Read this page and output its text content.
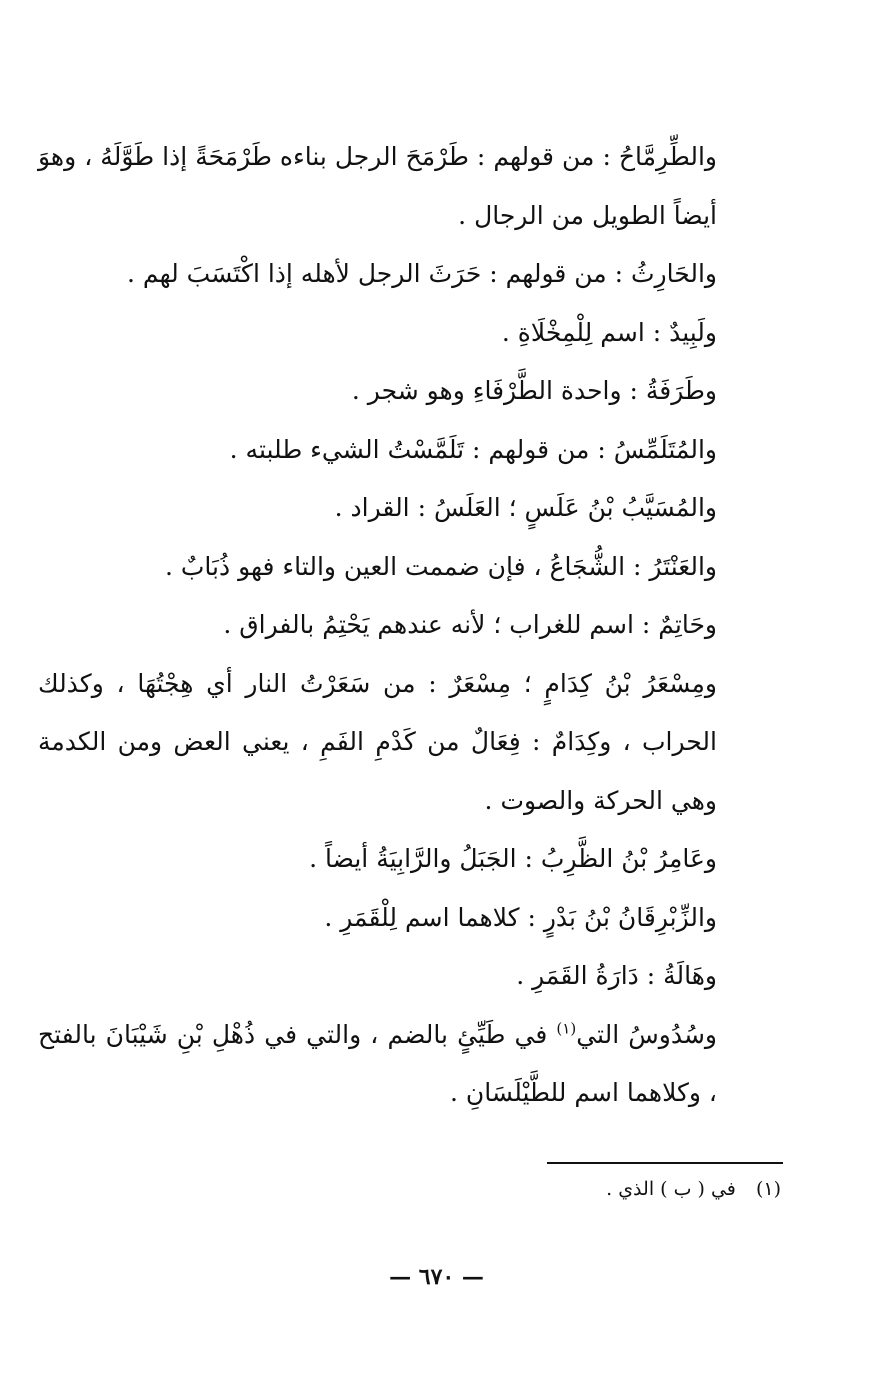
والطِّرِمَّاحُ : من قولهم : طَرْمَحَ الرجل بناءه طَرْمَحَةً إذا طَوَّلَهُ ، وهوَ أيضاً الطويل من الرجال .

والحَارِثُ : من قولهم : حَرَثَ الرجل لأهله إذا اكْتَسَبَ لهم .

ولَبِيدٌ : اسم لِلْمِخْلَاةِ .

وطَرَفَةُ : واحدة الطَّرْفَاءِ وهو شجر .

والمُتَلَمِّسُ : من قولهم : تَلَمَّسْتُ الشيء طلبته .

والمُسَيَّبُ بْنُ عَلَسٍ ؛ العَلَسُ : القراد .

والعَنْتَرُ : الشُّجَاعُ ، فإن ضممت العين والتاء فهو ذُبَابٌ .

وحَاتِمٌ : اسم للغراب ؛ لأنه عندهم يَحْتِمُ بالفراق .

ومِسْعَرُ بْنُ كِدَامٍ ؛ مِسْعَرٌ : من سَعَرْتُ النار أي هِجْتُهَا ، وكذلك الحراب ، وكِدَامٌ : فِعَالٌ من كَدْمِ الفَمِ ، يعني العض ومن الكدمة وهي الحركة والصوت .

وعَامِرُ بْنُ الظَّرِبُ : الجَبَلُ والرَّابِيَةُ أيضاً .

والزِّبْرِقَانُ بْنُ بَدْرٍ : كلاهما اسم لِلْقَمَرِ .

وهَالَةُ : دَارَةُ القَمَرِ .

وسُدُوسُ التي$^{(١)}$ في طَيِّئٍ بالضم ، والتي في ذُهْلِ بْنِ شَيْبَانَ بالفتح ، وكلاهما اسم للطَّيْلَسَانِ .

(١) في ( ب ) الذي .
— ٦٧٠ —
